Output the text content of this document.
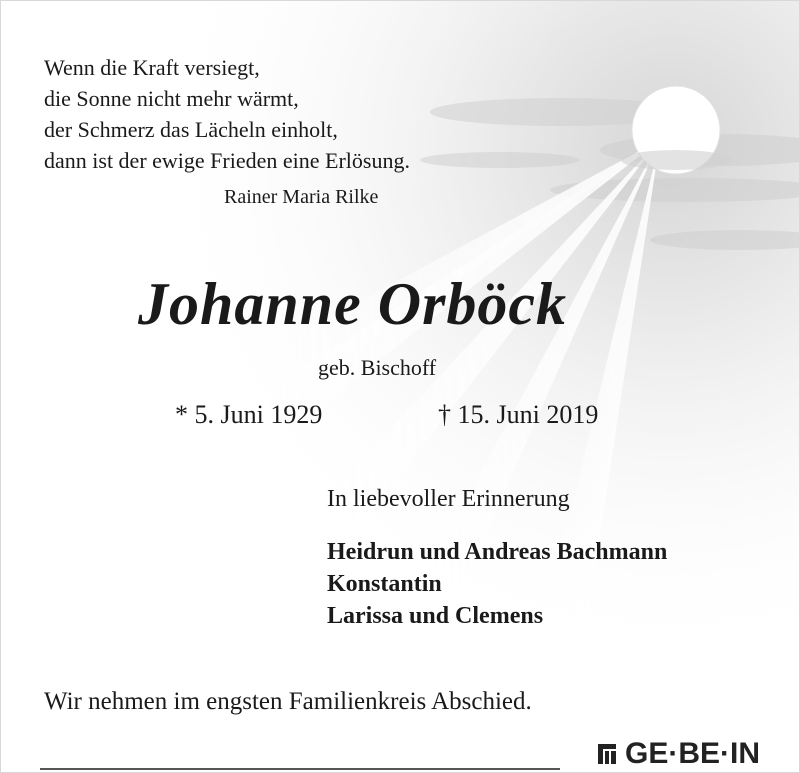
Wenn die Kraft versiegt,
die Sonne nicht mehr wärmt,
der Schmerz das Lächeln einholt,
dann ist der ewige Frieden eine Erlösung.
Rainer Maria Rilke
Johanne Orböck
geb. Bischoff
* 5. Juni 1929	† 15. Juni 2019
In liebevoller Erinnerung
Heidrun und Andreas Bachmann
Konstantin
Larissa und Clemens
Wir nehmen im engsten Familienkreis Abschied.
GE·BE·IN
